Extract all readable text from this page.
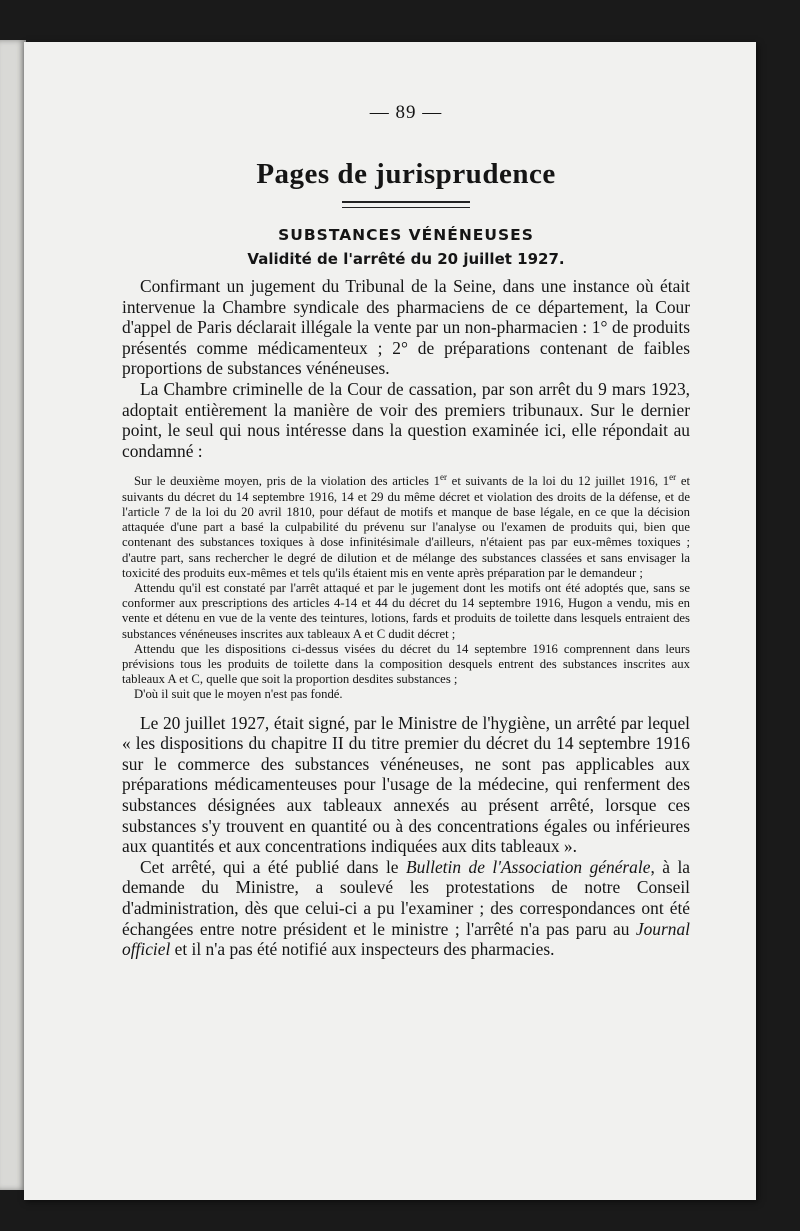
— 89 —
Pages de jurisprudence
SUBSTANCES VÉNÉNEUSES
Validité de l'arrêté du 20 juillet 1927.

Confirmant un jugement du Tribunal de la Seine, dans une instance où était intervenue la Chambre syndicale des pharmaciens de ce département, la Cour d'appel de Paris déclarait illégale la vente par un non-pharmacien : 1° de produits présentés comme médicamenteux ; 2° de préparations contenant de faibles proportions de substances vénéneuses.

La Chambre criminelle de la Cour de cassation, par son arrêt du 9 mars 1923, adoptait entièrement la manière de voir des premiers tribunaux. Sur le dernier point, le seul qui nous intéresse dans la question examinée ici, elle répondait au condamné :

Sur le deuxième moyen, pris de la violation des articles 1er et suivants de la loi du 12 juillet 1916, 1er et suivants du décret du 14 septembre 1916, 14 et 29 du même décret et violation des droits de la défense, et de l'article 7 de la loi du 20 avril 1810, pour défaut de motifs et manque de base légale, en ce que la décision attaquée d'une part a basé la culpabilité du prévenu sur l'analyse ou l'examen de produits qui, bien que contenant des substances toxiques à dose infinitésimale d'ailleurs, n'étaient pas par eux-mêmes toxiques ; d'autre part, sans rechercher le degré de dilution et de mélange des substances classées et sans envisager la toxicité des produits eux-mêmes et tels qu'ils étaient mis en vente après préparation par le demandeur ;

Attendu qu'il est constaté par l'arrêt attaqué et par le jugement dont les motifs ont été adoptés que, sans se conformer aux prescriptions des articles 4-14 et 44 du décret du 14 septembre 1916, Hugon a vendu, mis en vente et détenu en vue de la vente des teintures, lotions, fards et produits de toilette dans lesquels entraient des substances vénéneuses inscrites aux tableaux A et C dudit décret ;

Attendu que les dispositions ci-dessus visées du décret du 14 septembre 1916 comprennent dans leurs prévisions tous les produits de toilette dans la composition desquels entrent des substances inscrites aux tableaux A et C, quelle que soit la proportion desdites substances ;

D'où il suit que le moyen n'est pas fondé.

Le 20 juillet 1927, était signé, par le Ministre de l'hygiène, un arrêté par lequel « les dispositions du chapitre II du titre premier du décret du 14 septembre 1916 sur le commerce des substances vénéneuses, ne sont pas applicables aux préparations médicamenteuses pour l'usage de la médecine, qui renferment des substances désignées aux tableaux annexés au présent arrêté, lorsque ces substances s'y trouvent en quantité ou à des concentrations égales ou inférieures aux quantités et aux concentrations indiquées aux dits tableaux ».

Cet arrêté, qui a été publié dans le Bulletin de l'Association générale, à la demande du Ministre, a soulevé les protestations de notre Conseil d'administration, dès que celui-ci a pu l'examiner ; des correspondances ont été échangées entre notre président et le ministre ; l'arrêté n'a pas paru au Journal officiel et il n'a pas été notifié aux inspecteurs des pharmacies.
